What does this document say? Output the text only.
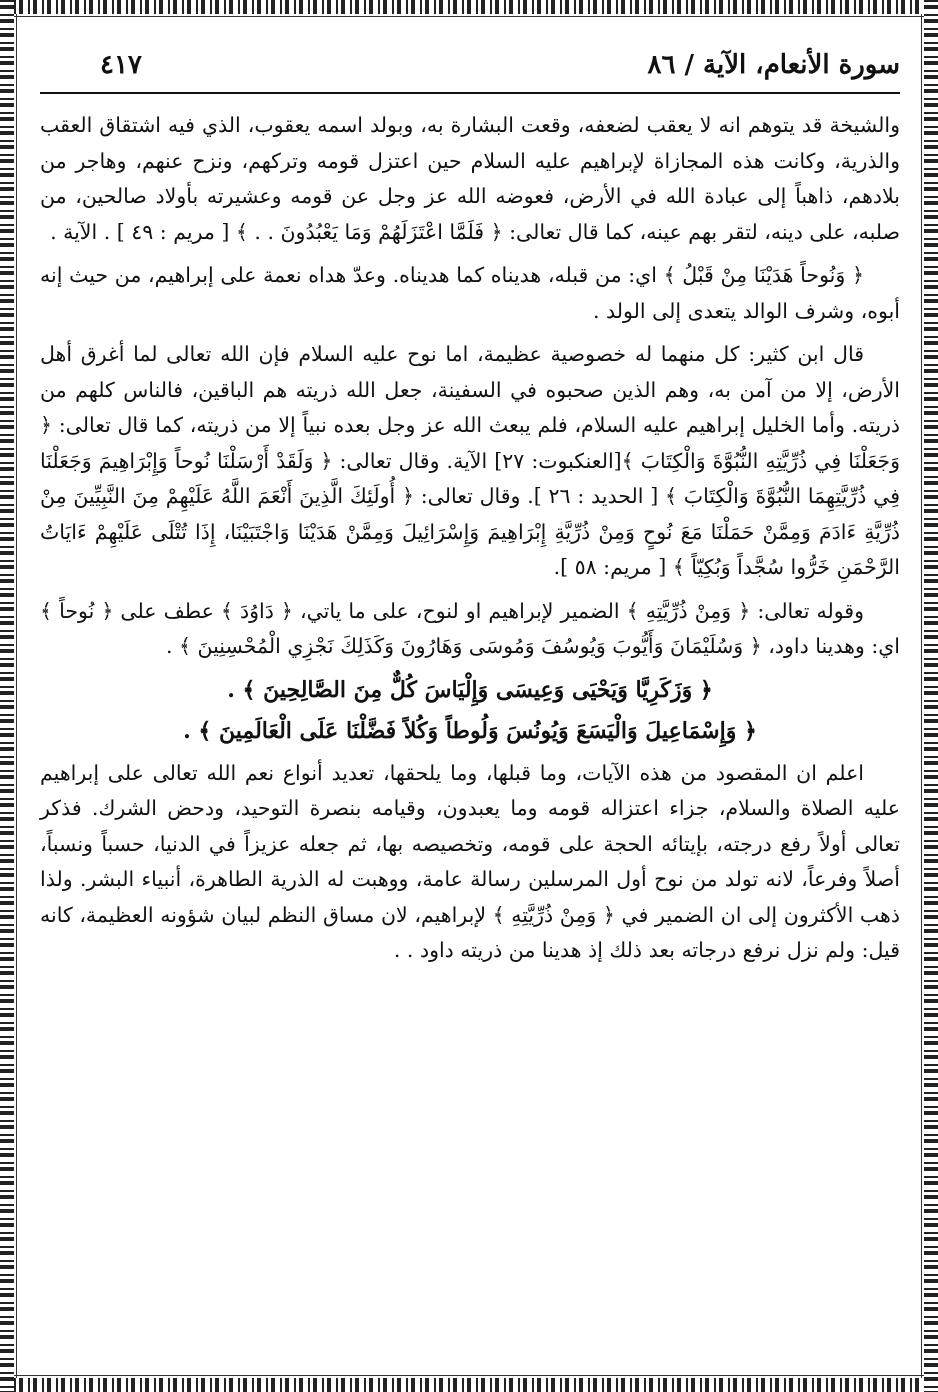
سورة الأنعام، الآية / ٨٦
٤١٧

والشيخة قد يتوهم انه لا يعقب لضعفه، وقعت البشارة به، وبولد اسمه يعقوب، الذي فيه اشتقاق العقب والذرية، وكانت هذه المجازاة لإبراهيم عليه السلام حين اعتزل قومه وتركهم، ونزح عنهم، وهاجر من بلادهم، ذاهباً إلى عبادة الله في الأرض، فعوضه الله عز وجل عن قومه وعشيرته بأولاد صالحين، من صلبه، على دينه، لتقر بهم عينه، كما قال تعالى: ﴿ فَلَمَّا اعْتَزَلَهُمْ وَمَا يَعْبُدُونَ . . ﴾ [ مريم : ٤٩ ] . الآية .

﴿ وَنُوحاً هَدَيْنَا مِنْ قَبْلُ ﴾ اي: من قبله، هديناه كما هديناه. وعدّ هداه نعمة على إبراهيم، من حيث إنه أبوه، وشرف الوالد يتعدى إلى الولد .

قال ابن كثير: كل منهما له خصوصية عظيمة، اما نوح عليه السلام فإن الله تعالى لما أغرق أهل الأرض، إلا من آمن به، وهم الذين صحبوه في السفينة، جعل الله ذريته هم الباقين، فالناس كلهم من ذريته. وأما الخليل إبراهيم عليه السلام، فلم يبعث الله عز وجل بعده نبياً إلا من ذريته، كما قال تعالى: ﴿ وَجَعَلْنَا فِي ذُرِّيَّتِهِ النُّبُوَّةَ وَالْكِتَابَ ﴾[العنكبوت: ٢٧] الآية. وقال تعالى: ﴿ وَلَقَدْ أَرْسَلْنَا نُوحاً وَإِبْرَاهِيمَ وَجَعَلْنَا فِي ذُرِّيَّتِهِمَا النُّبُوَّةَ وَالْكِتَابَ ﴾ [ الحديد : ٢٦ ]. وقال تعالى: ﴿ أُولَئِكَ الَّذِينَ أَنْعَمَ اللَّهُ عَلَيْهِمْ مِنَ النَّبِيِّينَ مِنْ ذُرِّيَّةِ ءَادَمَ وَمِمَّنْ حَمَلْنَا مَعَ نُوحٍ وَمِنْ ذُرِّيَّةِ إِبْرَاهِيمَ وَإِسْرَائِيلَ وَمِمَّنْ هَدَيْنَا وَاجْتَبَيْنَا، إِذَا تُتْلَى عَلَيْهِمْ ءَايَاتُ الرَّحْمَنِ خَرُّوا سُجَّداً وَبُكِيّاً ﴾ [ مريم: ٥٨ ].

وقوله تعالى: ﴿ وَمِنْ ذُرِّيَّتِهِ ﴾ الضمير لإبراهيم او لنوح، على ما ياتي، ﴿ دَاوُدَ ﴾ عطف على ﴿ نُوحاً ﴾ اي: وهدينا داود، ﴿ وَسُلَيْمَانَ وَأَيُّوبَ وَيُوسُفَ وَمُوسَى وَهَارُونَ وَكَذَلِكَ نَجْزِي الْمُحْسِنِينَ ﴾ .

﴿ وَزَكَرِيَّا وَيَحْيَى وَعِيسَى وَإِلْيَاسَ كُلٌّ مِنَ الصَّالِحِينَ ﴾ .

﴿ وَإِسْمَاعِيلَ وَالْيَسَعَ وَيُونُسَ وَلُوطاً وَكُلاً فَضَّلْنَا عَلَى الْعَالَمِينَ ﴾ .

اعلم ان المقصود من هذه الآيات، وما قبلها، وما يلحقها، تعديد أنواع نعم الله تعالى على إبراهيم عليه الصلاة والسلام، جزاء اعتزاله قومه وما يعبدون، وقيامه بنصرة التوحيد، ودحض الشرك. فذكر تعالى أولاً رفع درجته، بإيتائه الحجة على قومه، وتخصيصه بها، ثم جعله عزيزاً في الدنيا، حسباً ونسباً، أصلاً وفرعاً، لانه تولد من نوح أول المرسلين رسالة عامة، ووهبت له الذرية الطاهرة، أنبياء البشر. ولذا ذهب الأكثرون إلى ان الضمير في ﴿ وَمِنْ ذُرِّيَّتِهِ ﴾ لإبراهيم، لان مساق النظم لبيان شؤونه العظيمة، كانه قيل: ولم نزل نرفع درجاته بعد ذلك إذ هدينا من ذريته داود . .
